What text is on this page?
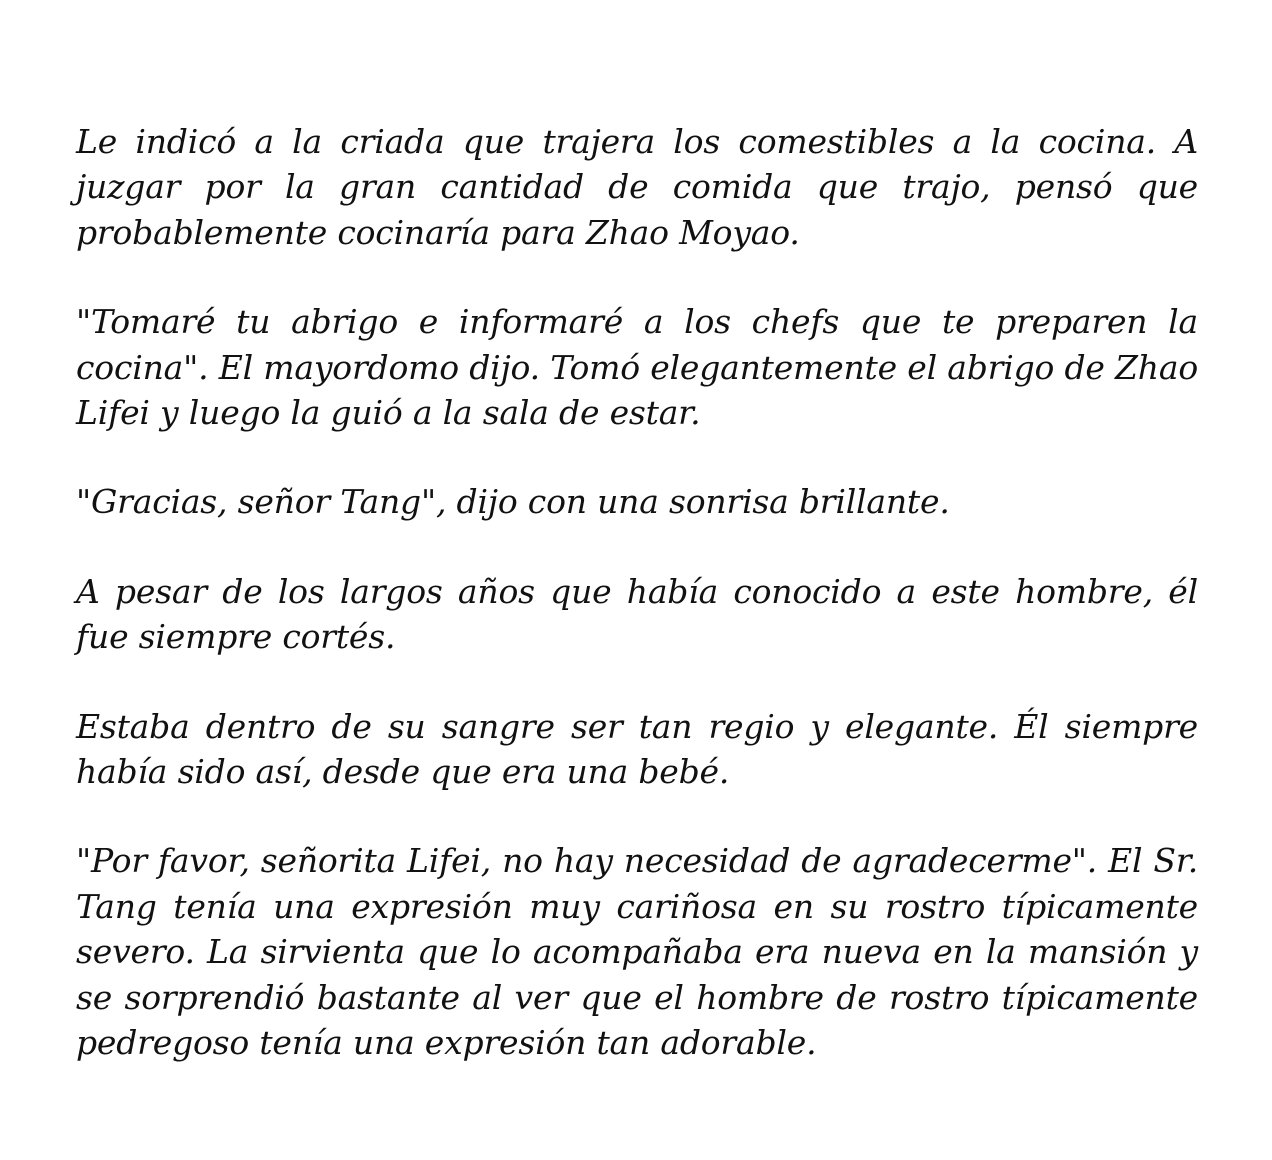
Le indicó a la criada que trajera los comestibles a la cocina. A juzgar por la gran cantidad de comida que trajo, pensó que probablemente cocinaría para Zhao Moyao.

"Tomaré tu abrigo e informaré a los chefs que te preparen la cocina". El mayordomo dijo. Tomó elegantemente el abrigo de Zhao Lifei y luego la guió a la sala de estar.

"Gracias, señor Tang", dijo con una sonrisa brillante.

A pesar de los largos años que había conocido a este hombre, él fue siempre cortés.

Estaba dentro de su sangre ser tan regio y elegante. Él siempre había sido así, desde que era una bebé.

"Por favor, señorita Lifei, no hay necesidad de agradecerme". El Sr. Tang tenía una expresión muy cariñosa en su rostro típicamente severo. La sirvienta que lo acompañaba era nueva en la mansión y se sorprendió bastante al ver que el hombre de rostro típicamente pedregoso tenía una expresión tan adorable.
